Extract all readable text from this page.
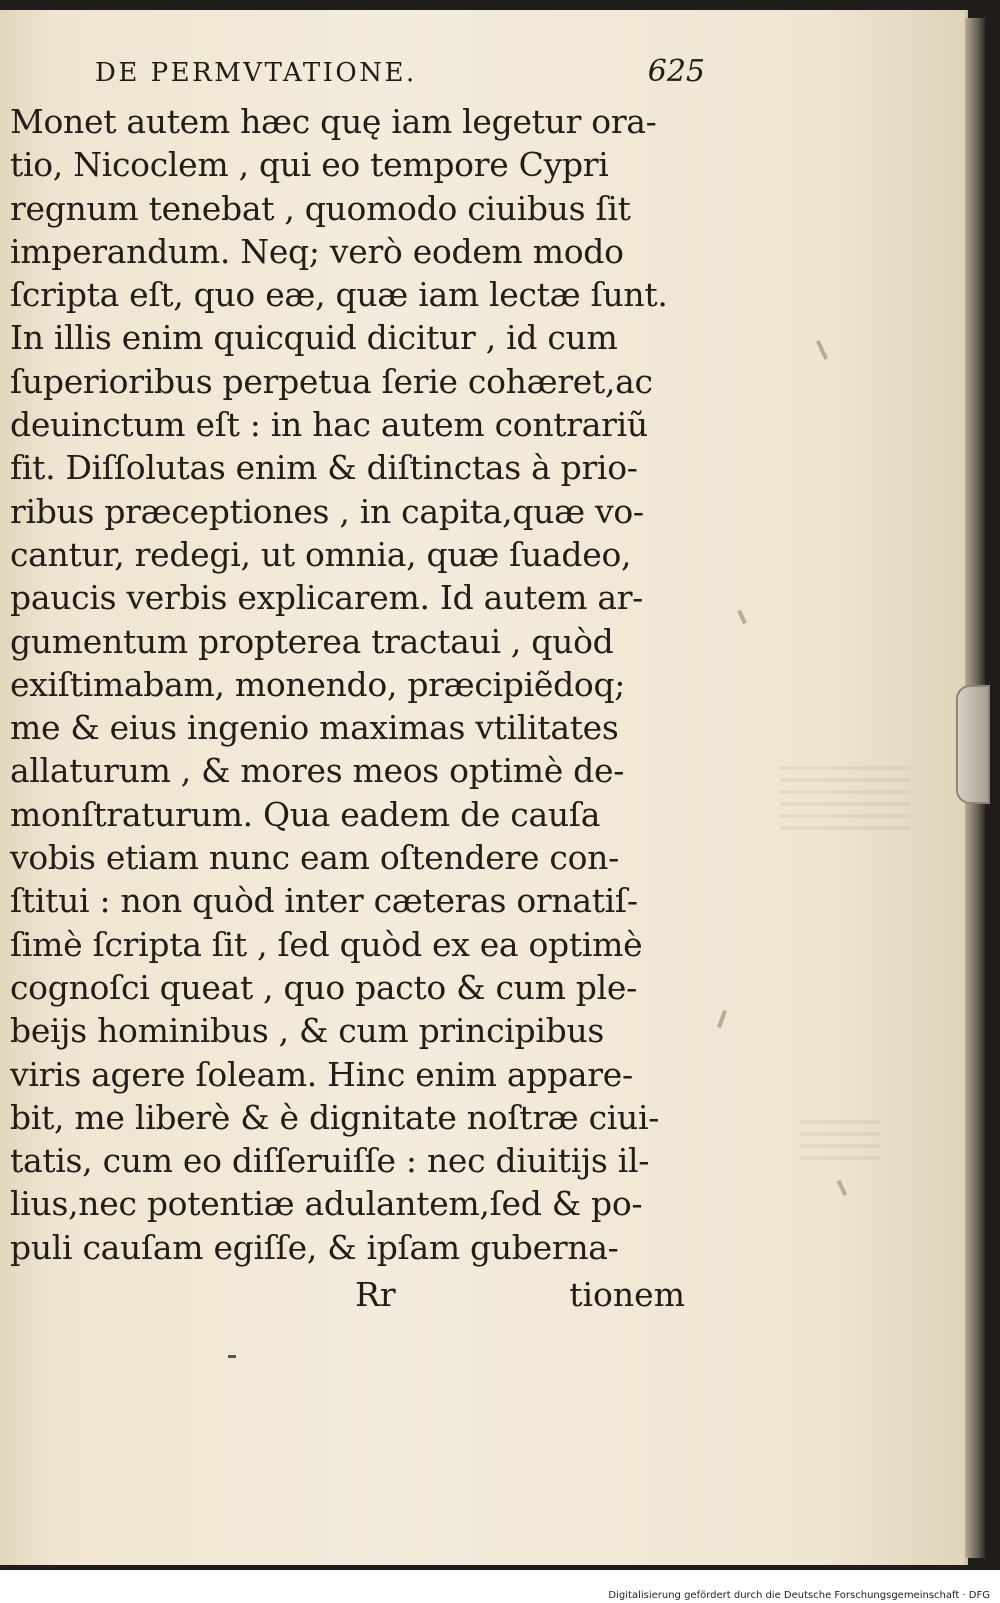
DE PERMVTATIONE.	625
Monet autem hæc quę iam legetur ora-
tio, Nicoclem , qui eo tempore Cypri
regnum tenebat , quomodo ciuibus ſit
imperandum. Neq; verò eodem modo
ſcripta eſt, quo eæ, quæ iam lectæ ſunt.
In illis enim quicquid dicitur , id cum
ſuperioribus perpetua ſerie cohæret,ac
deuinctum eſt : in hac autem contrariũ
fit. Diſſolutas enim & diſtinctas à prio-
ribus præceptiones , in capita,quæ vo-
cantur, redegi, ut omnia, quæ ſuadeo,
paucis verbis explicarem. Id autem ar-
gumentum propterea tractaui , quòd
exiſtimabam, monendo, præcipiẽdoq;
me & eius ingenio maximas vtilitates
allaturum , & mores meos optimè de-
monſtraturum. Qua eadem de cauſa
vobis etiam nunc eam oſtendere con-
ſtitui : non quòd inter cæteras ornatiſ-
ſimè ſcripta ſit , ſed quòd ex ea optimè
cognoſci queat , quo pacto & cum ple-
beijs hominibus , & cum principibus
viris agere ſoleam. Hinc enim appare-
bit, me liberè & è dignitate noſtræ ciui-
tatis, cum eo diſſeruiſſe : nec diuitijs il-
lius,nec potentiæ adulantem,ſed & po-
puli cauſam egiſſe, & ipſam guberna-
Rr	tionem
Digitalisierung gefördert durch die Deutsche Forschungsgemeinschaft · DFG
